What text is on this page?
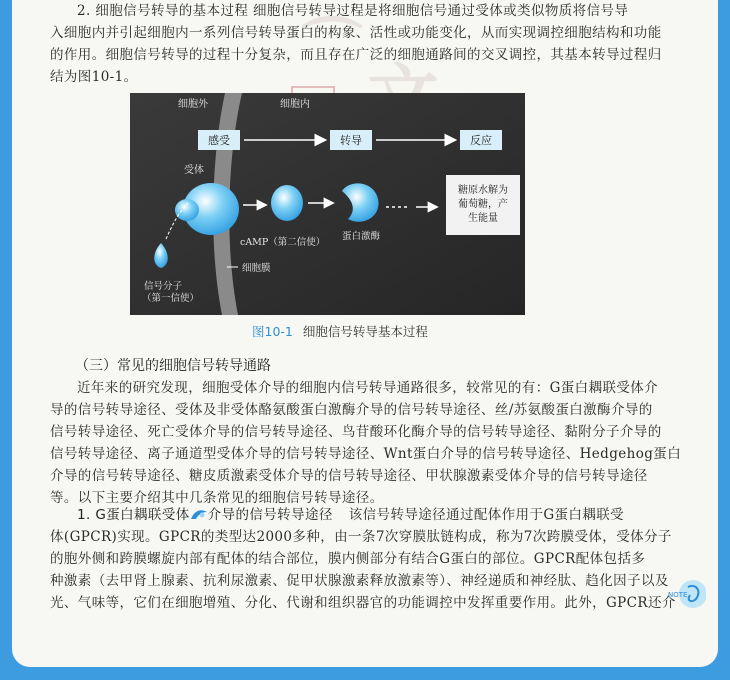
⌒

2. 细胞信号转导的基本过程 细胞信号转导过程是将细胞信号通过受体或类似物质将信号导
入细胞内并引起细胞内一系列信号转导蛋白的构象、活性或功能变化，从而实现调控细胞结构和功能
的作用。细胞信号转导的过程十分复杂，而且存在广泛的细胞通路间的交叉调控，其基本转导过程归
结为图10-1。
感受	转导	反应
细胞外	细胞内
受体
信号分子
（第一信使）
cAMP（第二信使）
蛋白激酶
糖原水解为
葡萄糖，产
生能量
细胞膜
图10-1 细胞信号转导基本过程
（三）常见的细胞信号转导通路
近年来的研究发现，细胞受体介导的细胞内信号转导通路很多，较常见的有：G蛋白耦联受体介
导的信号转导途径、受体及非受体酪氨酸蛋白激酶介导的信号转导途径、丝/苏氨酸蛋白激酶介导的
信号转导途径、死亡受体介导的信号转导途径、鸟苷酸环化酶介导的信号转导途径、黏附分子介导的
信号转导途径、离子通道型受体介导的信号转导途径、Wnt蛋白介导的信号转导途径、Hedgehog蛋白
介导的信号转导途径、糖皮质激素受体介导的信号转导途径、甲状腺激素受体介导的信号转导途径
等。以下主要介绍其中几条常见的细胞信号转导途径。
1. G蛋白耦联受体 介导的信号转导途径 该信号转导途径通过配体作用于G蛋白耦联受
体(GPCR)实现。GPCR的类型达2000多种，由一条7次穿膜肽链构成，称为7次跨膜受体，受体分子
的胞外侧和跨膜螺旋内部有配体的结合部位，膜内侧部分有结合G蛋白的部位。GPCR配体包括多
种激素（去甲肾上腺素、抗利尿激素、促甲状腺激素释放激素等）、神经递质和神经肽、趋化因子以及
光、气味等，它们在细胞增殖、分化、代谢和组织器官的功能调控中发挥重要作用。此外，GPCR还介
NOTE
